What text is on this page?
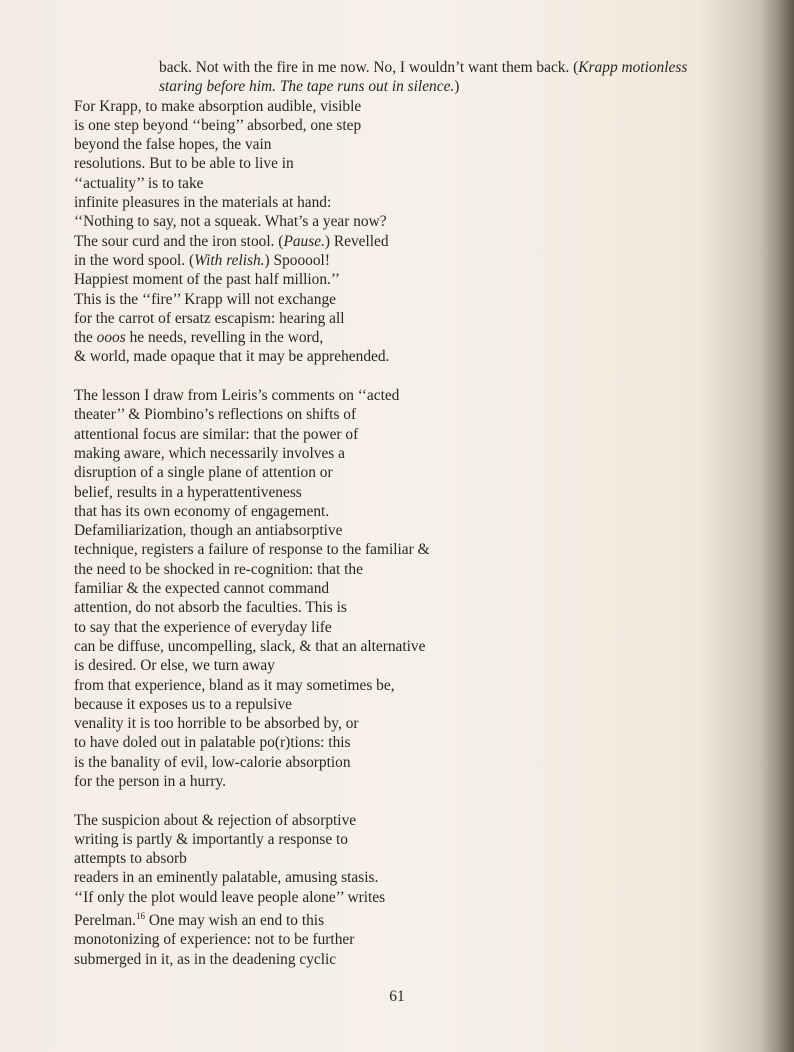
back. Not with the fire in me now. No, I wouldn’t want them back. (Krapp motionless
staring before him. The tape runs out in silence.)
For Krapp, to make absorption audible, visible
is one step beyond ‘‘being’’ absorbed, one step
beyond the false hopes, the vain
resolutions. But to be able to live in
‘‘actuality’’ is to take
infinite pleasures in the materials at hand:
‘‘Nothing to say, not a squeak. What’s a year now?
The sour curd and the iron stool. (Pause.) Revelled
in the word spool. (With relish.) Spooool!
Happiest moment of the past half million.’’
This is the ‘‘fire’’ Krapp will not exchange
for the carrot of ersatz escapism: hearing all
the ooos he needs, revelling in the word,
& world, made opaque that it may be apprehended.
The lesson I draw from Leiris’s comments on ‘‘acted
theater’’ & Piombino’s reflections on shifts of
attentional focus are similar: that the power of
making aware, which necessarily involves a
disruption of a single plane of attention or
belief, results in a hyperattentiveness
that has its own economy of engagement.
Defamiliarization, though an antiabsorptive
technique, registers a failure of response to the familiar &
the need to be shocked in re-cognition: that the
familiar & the expected cannot command
attention, do not absorb the faculties. This is
to say that the experience of everyday life
can be diffuse, uncompelling, slack, & that an alternative
is desired. Or else, we turn away
from that experience, bland as it may sometimes be,
because it exposes us to a repulsive
venality it is too horrible to be absorbed by, or
to have doled out in palatable po(r)tions: this
is the banality of evil, low-calorie absorption
for the person in a hurry.
The suspicion about & rejection of absorptive
writing is partly & importantly a response to
attempts to absorb
readers in an eminently palatable, amusing stasis.
‘‘If only the plot would leave people alone’’ writes
Perelman.$^{16}$ One may wish an end to this
monotonizing of experience: not to be further
submerged in it, as in the deadening cyclic
61
